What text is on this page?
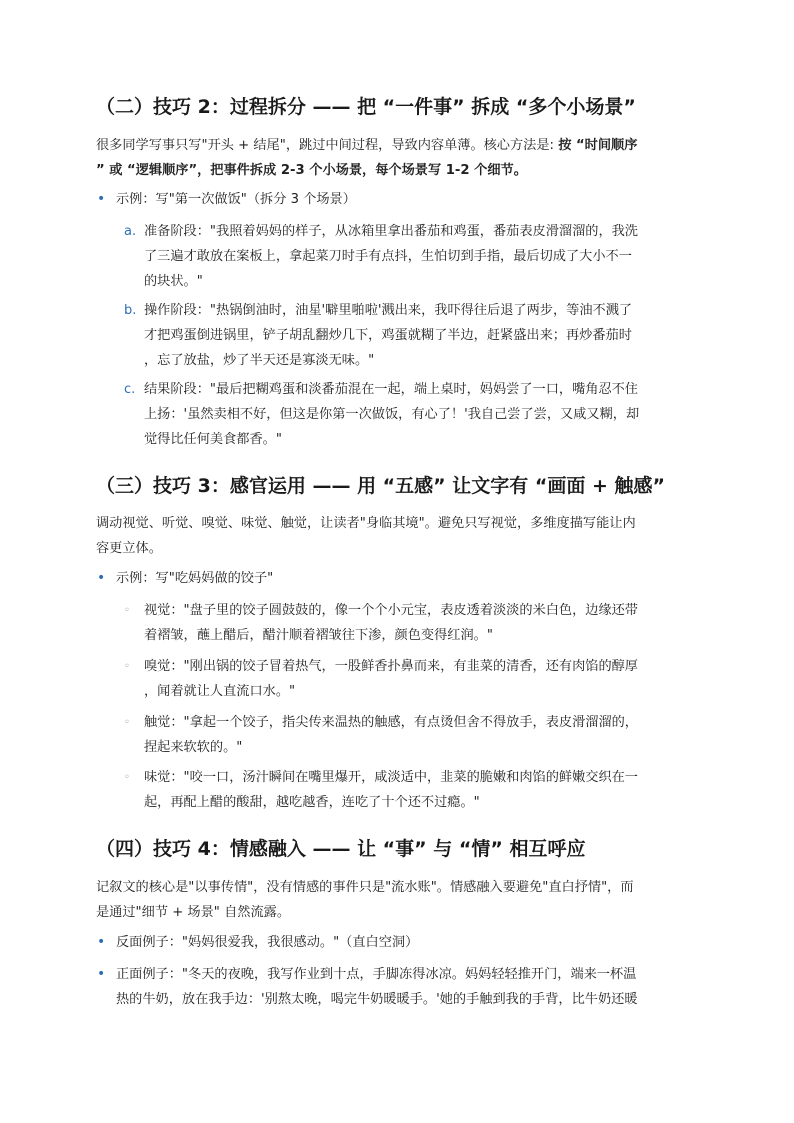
（二）技巧 2：过程拆分 —— 把 “一件事” 拆成 “多个小场景”
很多同学写事只写"开头 + 结尾"，跳过中间过程，导致内容单薄。核心方法是: 按 “时间顺序
” 或 “逻辑顺序”，把事件拆成 2-3 个小场景，每个场景写 1-2 个细节。
• 示例：写"第一次做饭"（拆分 3 个场景）
a. 准备阶段："我照着妈妈的样子，从冰箱里拿出番茄和鸡蛋，番茄表皮滑溜溜的，我洗
了三遍才敢放在案板上，拿起菜刀时手有点抖，生怕切到手指，最后切成了大小不一
的块状。"
b. 操作阶段："热锅倒油时，油星'噼里啪啦'溅出来，我吓得往后退了两步，等油不溅了
才把鸡蛋倒进锅里，铲子胡乱翻炒几下，鸡蛋就糊了半边，赶紧盛出来；再炒番茄时
，忘了放盐，炒了半天还是寡淡无味。"
c. 结果阶段："最后把糊鸡蛋和淡番茄混在一起，端上桌时，妈妈尝了一口，嘴角忍不住
上扬：'虽然卖相不好，但这是你第一次做饭，有心了！'我自己尝了尝，又咸又糊，却
觉得比任何美食都香。"
（三）技巧 3：感官运用 —— 用 “五感” 让文字有 “画面 + 触感”
调动视觉、听觉、嗅觉、味觉、触觉，让读者"身临其境"。避免只写视觉，多维度描写能让内
容更立体。
• 示例：写"吃妈妈做的饺子"
◦ 视觉："盘子里的饺子圆鼓鼓的，像一个个小元宝，表皮透着淡淡的米白色，边缘还带
着褶皱，蘸上醋后，醋汁顺着褶皱往下渗，颜色变得红润。"
◦ 嗅觉："刚出锅的饺子冒着热气，一股鲜香扑鼻而来，有韭菜的清香，还有肉馅的醇厚
，闻着就让人直流口水。"
◦ 触觉："拿起一个饺子，指尖传来温热的触感，有点烫但舍不得放手，表皮滑溜溜的，
捏起来软软的。"
◦ 味觉："咬一口，汤汁瞬间在嘴里爆开，咸淡适中，韭菜的脆嫩和肉馅的鲜嫩交织在一
起，再配上醋的酸甜，越吃越香，连吃了十个还不过瘾。"
（四）技巧 4：情感融入 —— 让 “事” 与 “情” 相互呼应
记叙文的核心是"以事传情"，没有情感的事件只是"流水账"。情感融入要避免"直白抒情"，而
是通过"细节 + 场景" 自然流露。
• 反面例子："妈妈很爱我，我很感动。"（直白空洞）
• 正面例子："冬天的夜晚，我写作业到十点，手脚冻得冰凉。妈妈轻轻推开门，端来一杯温
热的牛奶，放在我手边：'别熬太晚，喝完牛奶暖暖手。'她的手触到我的手背，比牛奶还暖
